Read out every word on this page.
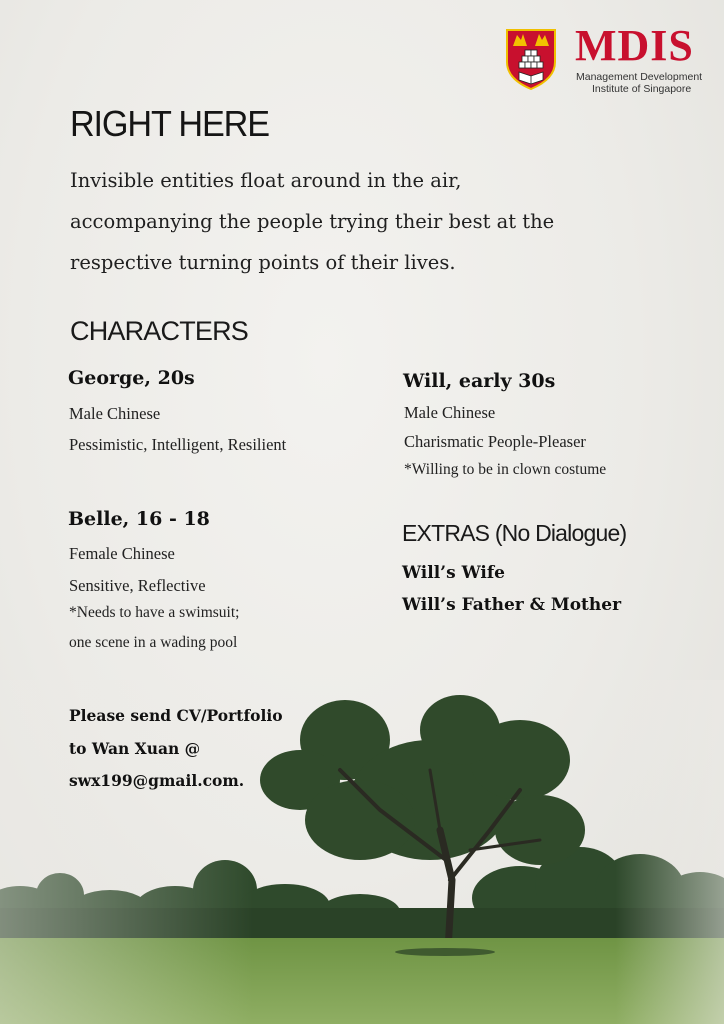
MDIS
Management Development
Institute of Singapore
RIGHT HERE
Invisible entities float around in the air,
accompanying the people trying their best at the
respective turning points of their lives.
CHARACTERS
George, 20s
Male Chinese
Pessimistic, Intelligent, Resilient
Will, early 30s
Male Chinese
Charismatic People-Pleaser
*Willing to be in clown costume
Belle, 16 - 18
Female Chinese
Sensitive, Reflective
*Needs to have a swimsuit;
one scene in a wading pool
EXTRAS (No Dialogue)
Will’s Wife
Will’s Father & Mother
Please send CV/Portfolio
to Wan Xuan @
swx199@gmail.com.
